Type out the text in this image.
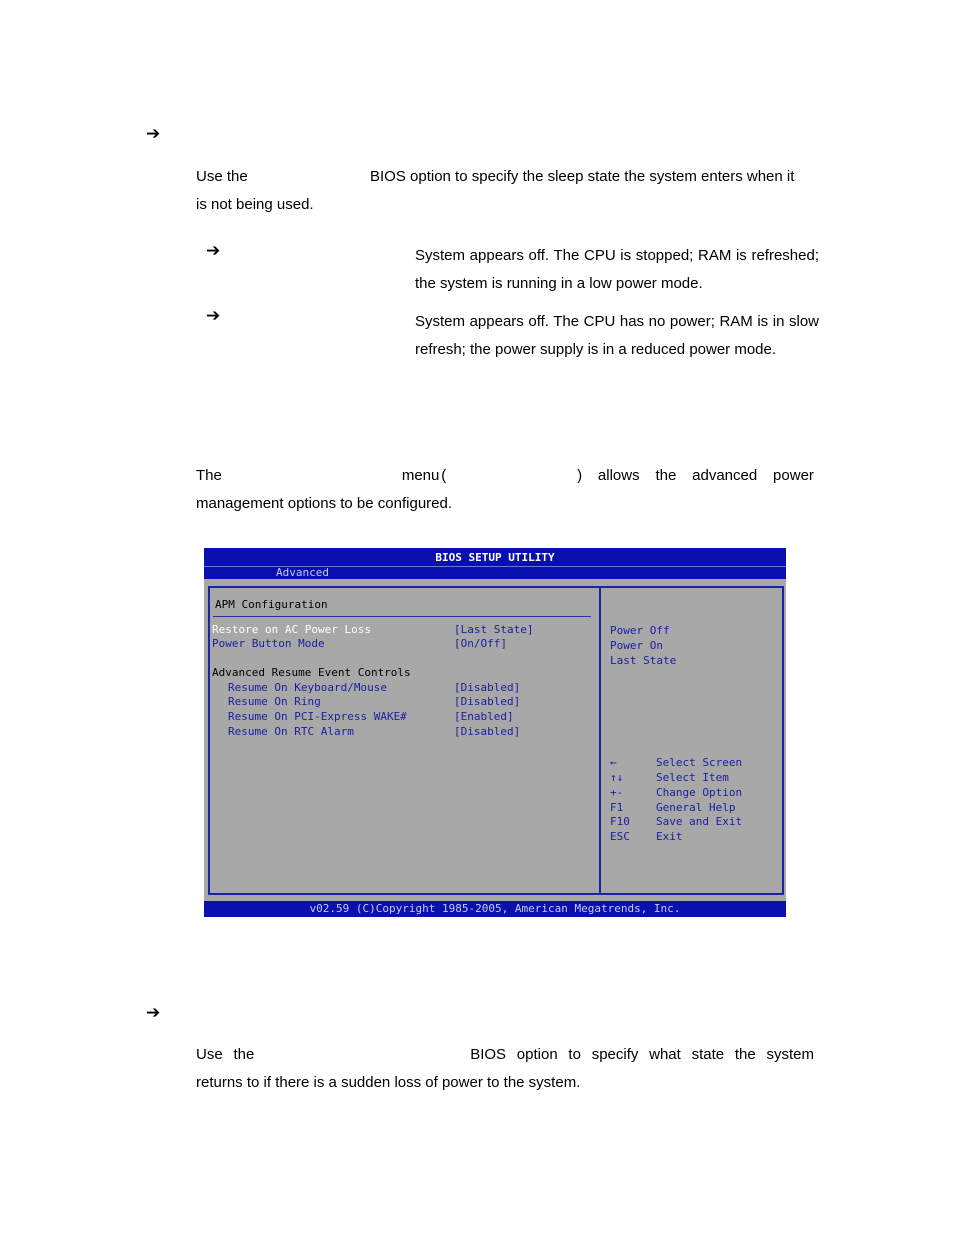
➔
Use the	BIOS option to specify the sleep state the system enters when it
is not being used.
➔	System appears off. The CPU is stopped; RAM is refreshed; the system is running in a low power mode.
➔	System appears off. The CPU has no power; RAM is in slow refresh; the power supply is in a reduced power mode.
The	menu (	) allows the advanced power
management options to be configured.
BIOS SETUP UTILITY
Advanced
APM Configuration
Restore on AC Power Loss	[Last State]
Power Button Mode	[On/Off]
Advanced Resume Event Controls
Resume On Keyboard/Mouse	[Disabled]
Resume On Ring	[Disabled]
Resume On PCI-Express WAKE#	[Enabled]
Resume On RTC Alarm	[Disabled]
Power Off
Power On
Last State
←	Select Screen
↑↓	Select Item
+-	Change Option
F1	General Help
F10 Save and Exit
ESC Exit
v02.59 (C)Copyright 1985-2005, American Megatrends, Inc.
➔
Use the	BIOS option to specify what state the system
returns to if there is a sudden loss of power to the system.
